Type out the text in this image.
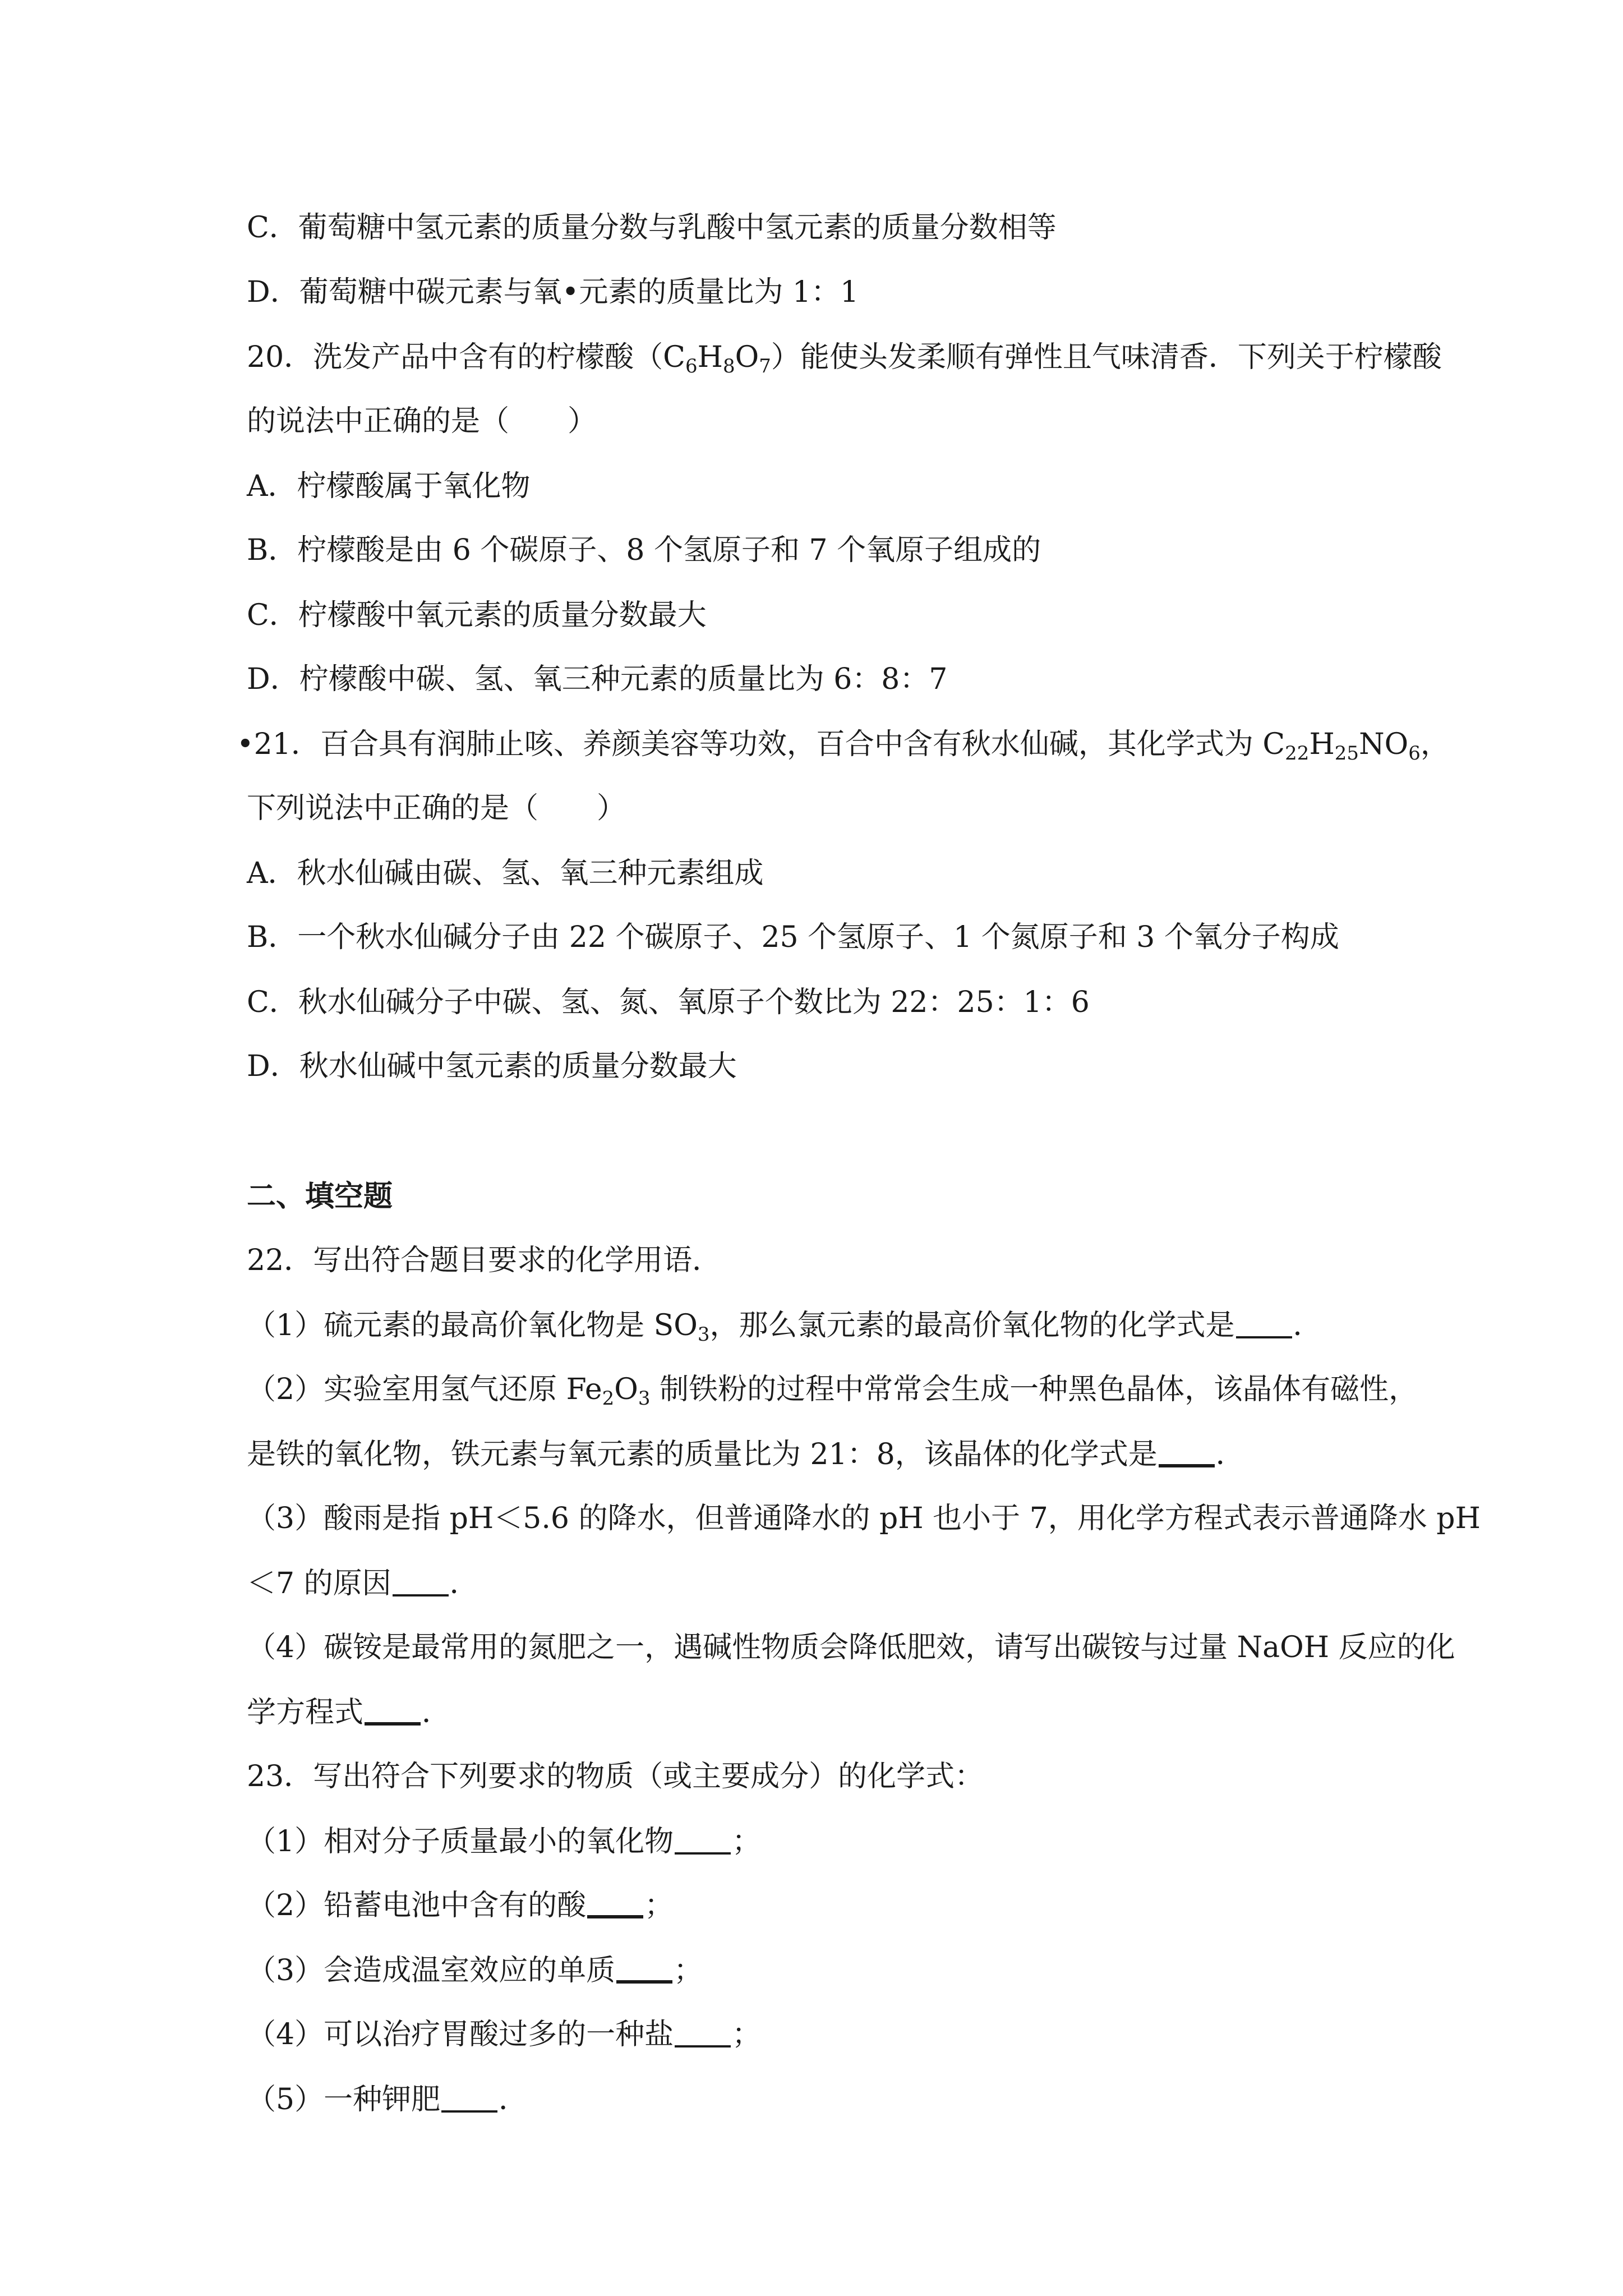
C．葡萄糖中氢元素的质量分数与乳酸中氢元素的质量分数相等
D．葡萄糖中碳元素与氧•元素的质量比为 1：1
20．洗发产品中含有的柠檬酸$(C_6H_8O_7)$能使头发柔顺有弹性且气味清香．下列关于柠檬酸
的说法中正确的是（　　）
A．柠檬酸属于氧化物
B．柠檬酸是由 6 个碳原子、8 个氢原子和 7 个氧原子组成的
C．柠檬酸中氧元素的质量分数最大
D．柠檬酸中碳、氢、氧三种元素的质量比为 6：8：7
•21．百合具有润肺止咳、养颜美容等功效，百合中含有秋水仙碱，其化学式为 $C_{22}H_{25}NO_6$，
下列说法中正确的是（　　）
A．秋水仙碱由碳、氢、氧三种元素组成
B．一个秋水仙碱分子由 22 个碳原子、25 个氢原子、1 个氮原子和 3 个氧分子构成
C．秋水仙碱分子中碳、氢、氮、氧原子个数比为 22：25：1：6
D．秋水仙碱中氢元素的质量分数最大
二、填空题
22．写出符合题目要求的化学用语．
（1）硫元素的最高价氧化物是 $SO_3$，那么氯元素的最高价氧化物的化学式是 ．
（2）实验室用氢气还原 $Fe_2O_3$ 制铁粉的过程中常常会生成一种黑色晶体，该晶体有磁性，
是铁的氧化物，铁元素与氧元素的质量比为 21：8，该晶体的化学式是 ．
（3）酸雨是指 pH＜5.6 的降水，但普通降水的 pH 也小于 7，用化学方程式表示普通降水 pH
＜7 的原因 ．
（4）碳铵是最常用的氮肥之一，遇碱性物质会降低肥效，请写出碳铵与过量 NaOH 反应的化
学方程式 ．
23．写出符合下列要求的物质（或主要成分）的化学式：
（1）相对分子质量最小的氧化物 ；
（2）铅蓄电池中含有的酸 ；
（3）会造成温室效应的单质 ；
（4）可以治疗胃酸过多的一种盐 ；
（5）一种钾肥 ．
